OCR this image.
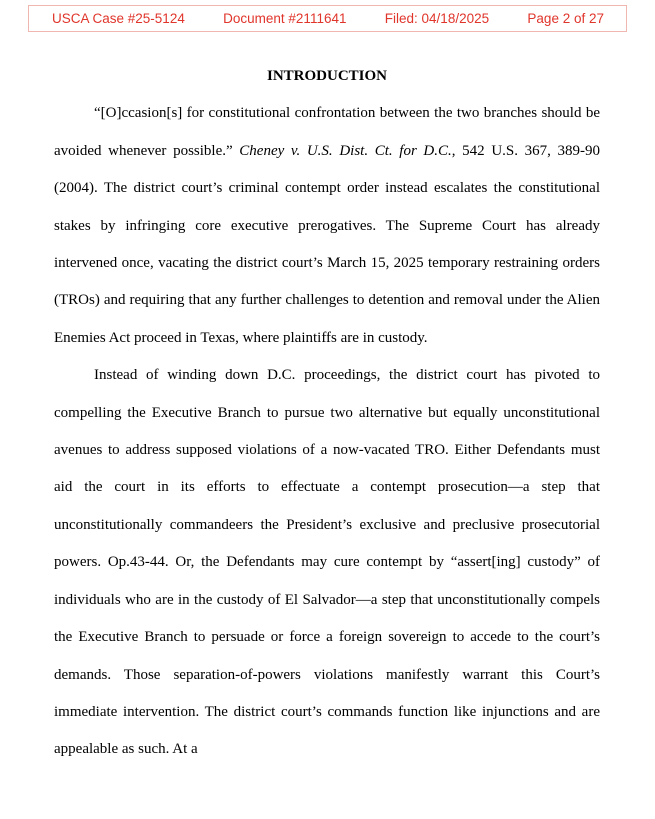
USCA Case #25-5124	Document #2111641	Filed: 04/18/2025	Page 2 of 27
INTRODUCTION

“[O]ccasion[s] for constitutional confrontation between the two branches should be avoided whenever possible.” Cheney v. U.S. Dist. Ct. for D.C., 542 U.S. 367, 389-90 (2004). The district court’s criminal contempt order instead escalates the constitutional stakes by infringing core executive prerogatives. The Supreme Court has already intervened once, vacating the district court’s March 15, 2025 temporary restraining orders (TROs) and requiring that any further challenges to detention and removal under the Alien Enemies Act proceed in Texas, where plaintiffs are in custody.

Instead of winding down D.C. proceedings, the district court has pivoted to compelling the Executive Branch to pursue two alternative but equally unconstitutional avenues to address supposed violations of a now-vacated TRO. Either Defendants must aid the court in its efforts to effectuate a contempt prosecution—a step that unconstitutionally commandeers the President’s exclusive and preclusive prosecutorial powers. Op.43-44. Or, the Defendants may cure contempt by “assert[ing] custody” of individuals who are in the custody of El Salvador—a step that unconstitutionally compels the Executive Branch to persuade or force a foreign sovereign to accede to the court’s demands. Those separation-of-powers violations manifestly warrant this Court’s immediate intervention. The district court’s commands function like injunctions and are appealable as such. At a
